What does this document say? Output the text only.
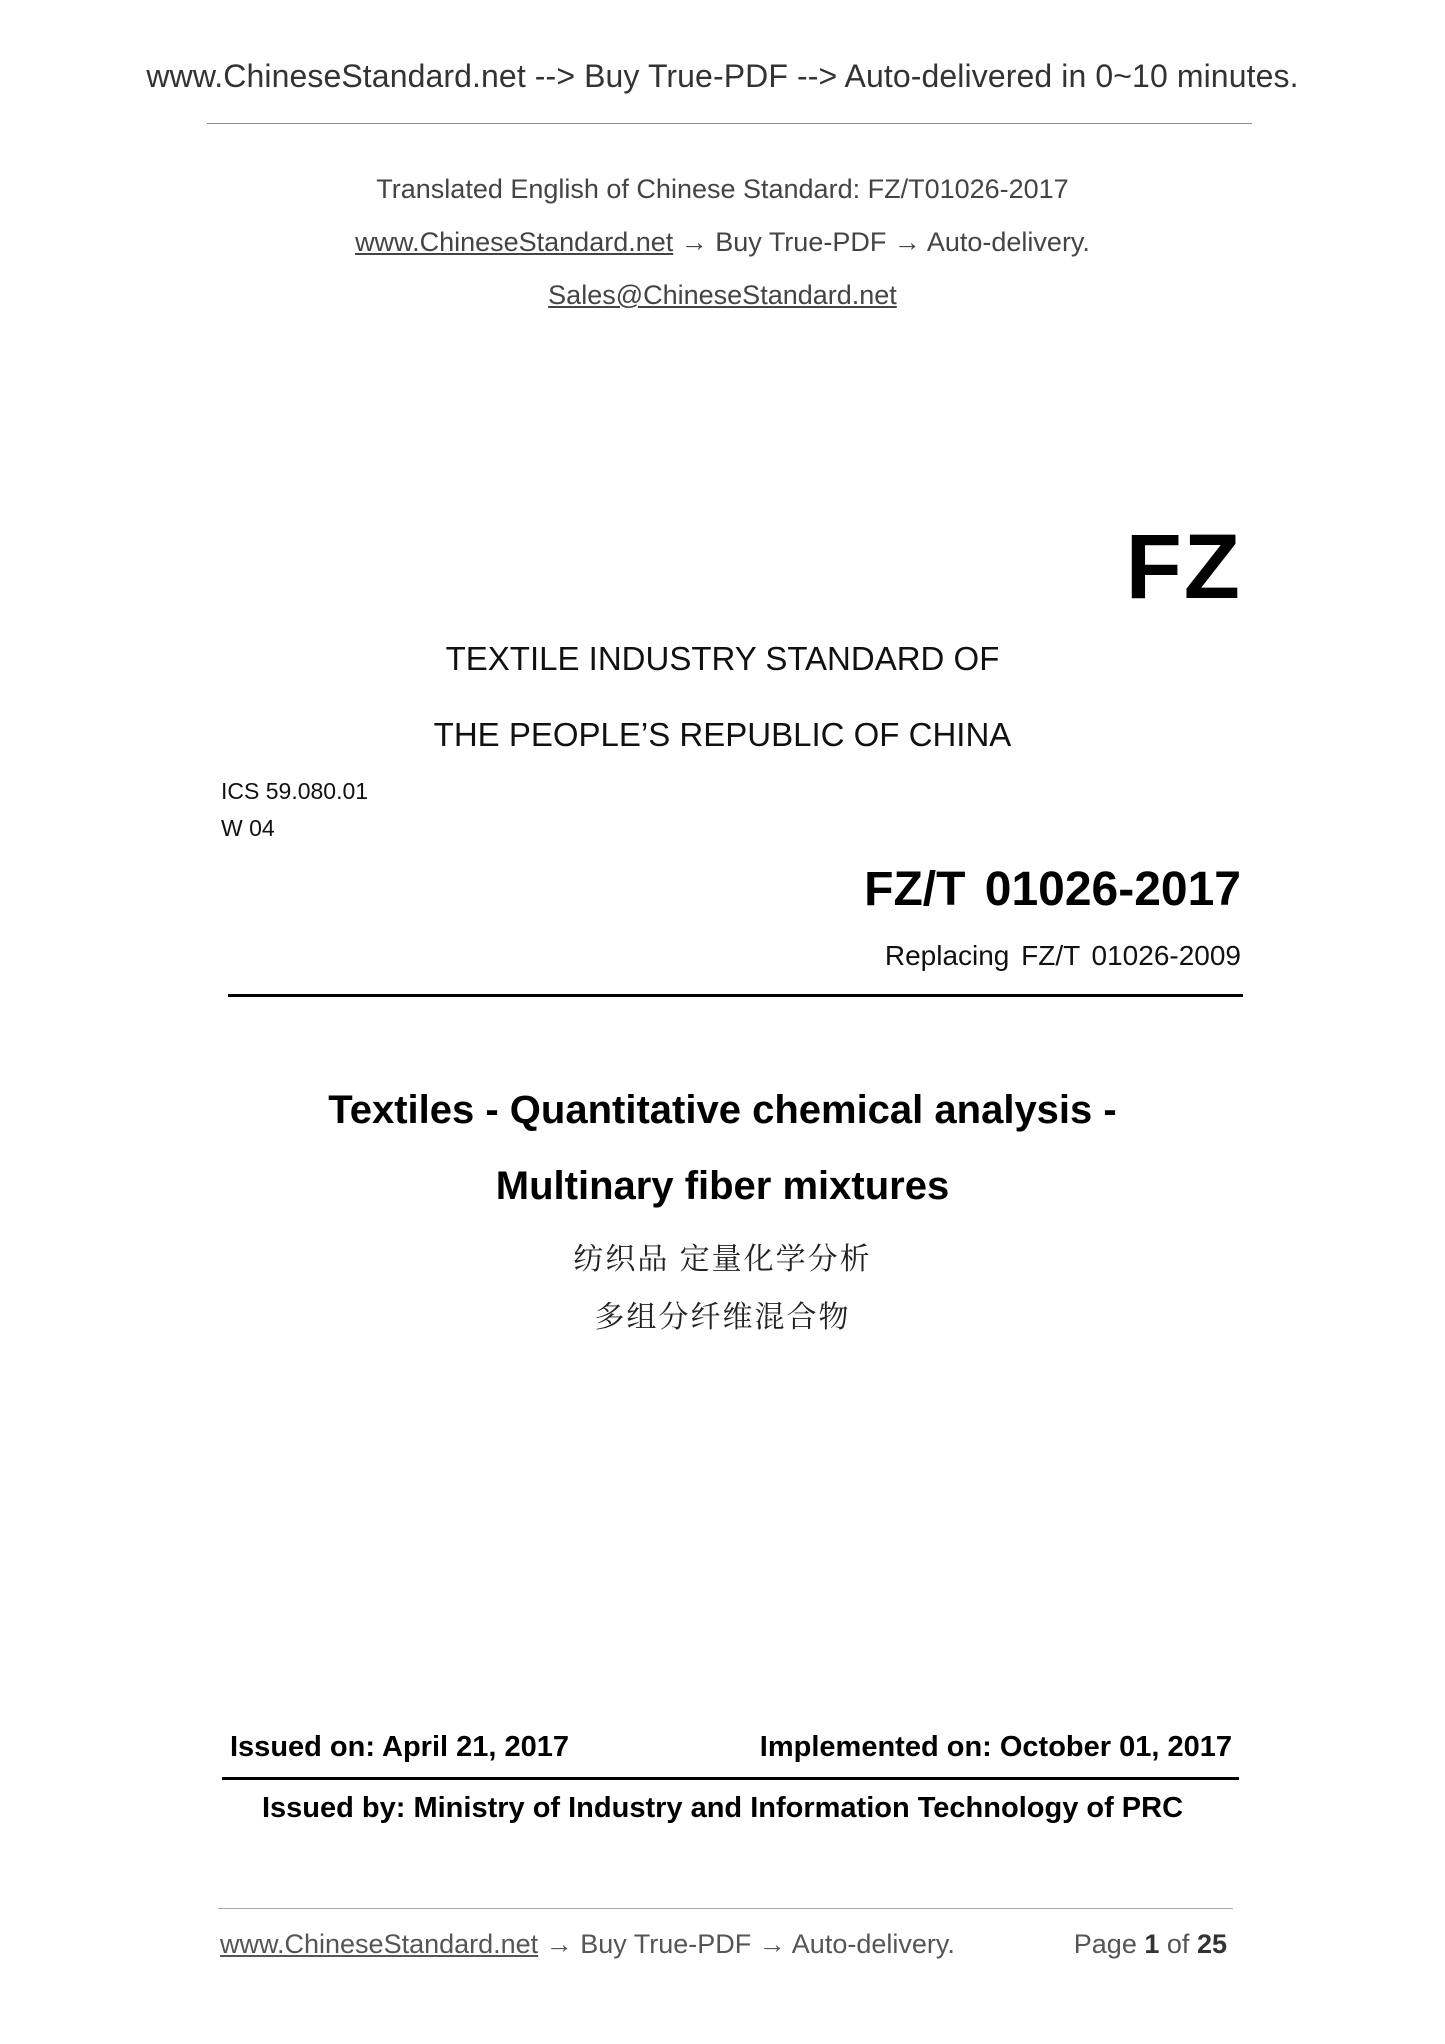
www.ChineseStandard.net --> Buy True-PDF --> Auto-delivered in 0~10 minutes.
Translated English of Chinese Standard: FZ/T01026-2017
www.ChineseStandard.net → Buy True-PDF → Auto-delivery.
Sales@ChineseStandard.net
FZ
TEXTILE INDUSTRY STANDARD OF
THE PEOPLE’S REPUBLIC OF CHINA
ICS 59.080.01
W 04
FZ/T 01026-2017
Replacing FZ/T 01026-2009
Textiles - Quantitative chemical analysis -
Multinary fiber mixtures
纺织品 定量化学分析
多组分纤维混合物
Issued on: April 21, 2017	Implemented on: October 01, 2017
Issued by: Ministry of Industry and Information Technology of PRC
www.ChineseStandard.net → Buy True-PDF → Auto-delivery.	Page 1 of 25
